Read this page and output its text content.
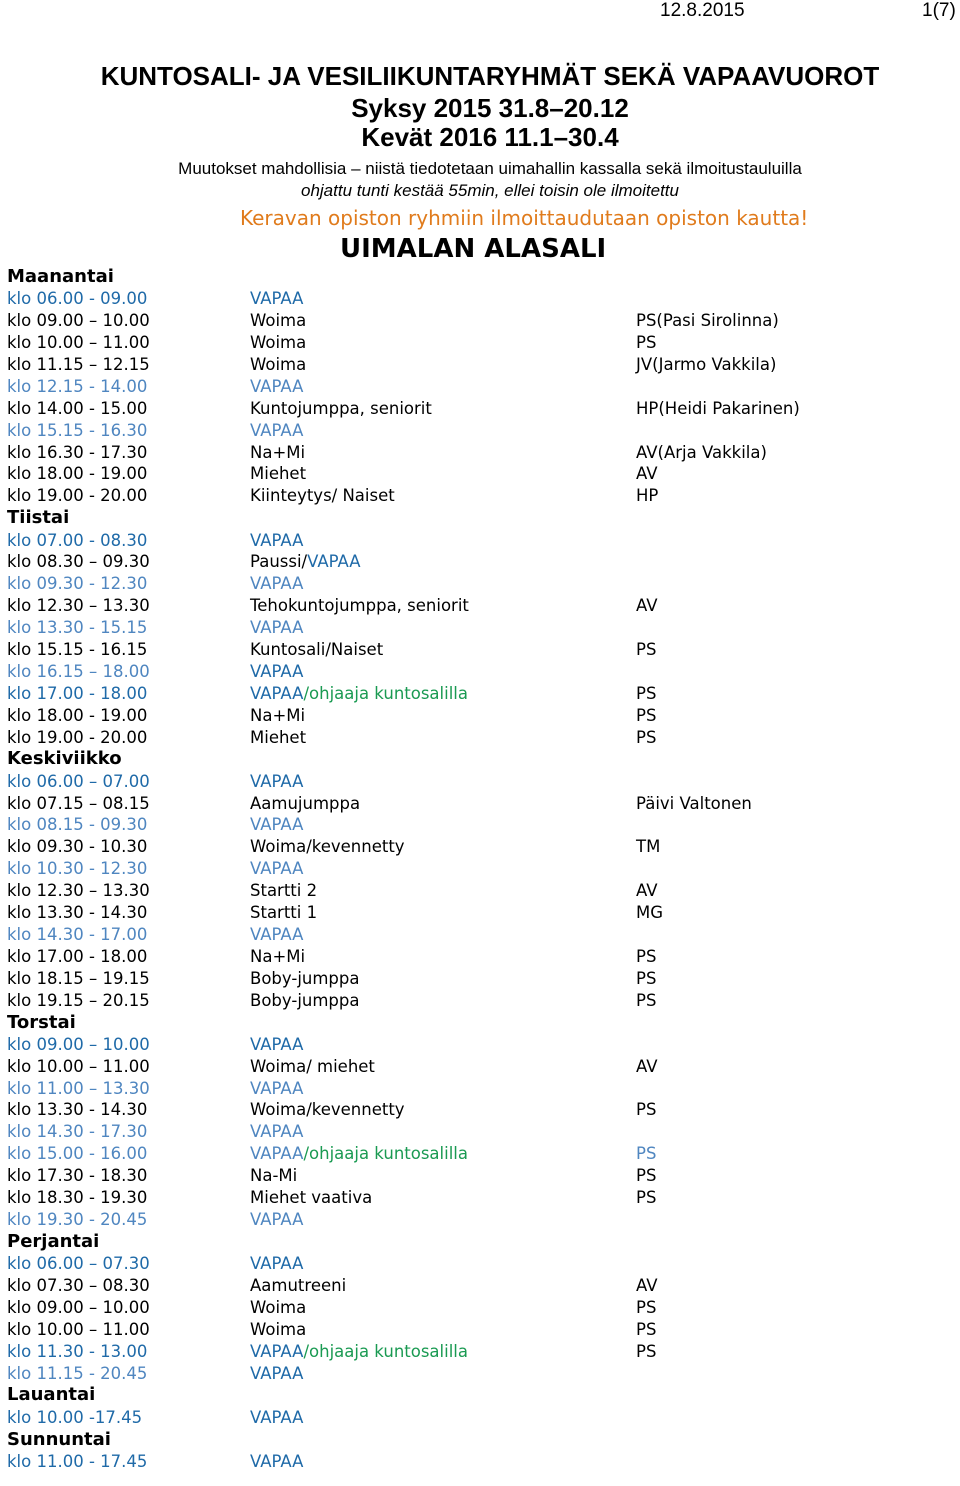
12.8.2015	1(7)
KUNTOSALI- JA VESILIIKUNTARYHMÄT SEKÄ VAPAAVUOROT
Syksy 2015 31.8–20.12
Kevät 2016 11.1–30.4
Muutokset mahdollisia – niistä tiedotetaan uimahallin kassalla sekä ilmoitustauluilla
ohjattu tunti kestää 55min, ellei toisin ole ilmoitettu
Keravan opiston ryhmiin ilmoittaudutaan opiston kautta!
UIMALAN ALASALI
Maanantai
klo 06.00 - 09.00	VAPAA
klo 09.00 – 10.00	Woima	PS(Pasi Sirolinna)
klo 10.00 – 11.00	Woima	PS
klo 11.15 – 12.15	Woima	JV(Jarmo Vakkila)
klo 12.15 - 14.00	VAPAA
klo 14.00 - 15.00	Kuntojumppa, seniorit	HP(Heidi Pakarinen)
klo 15.15 - 16.30	VAPAA
klo 16.30 - 17.30	Na+Mi	AV(Arja Vakkila)
klo 18.00 - 19.00	Miehet	AV
klo 19.00 - 20.00	Kiinteytys/ Naiset	HP
Tiistai
klo 07.00 - 08.30	VAPAA
klo 08.30 – 09.30	Paussi/VAPAA
klo 09.30 - 12.30	VAPAA
klo 12.30 – 13.30	Tehokuntojumppa, seniorit	AV
klo 13.30 - 15.15	VAPAA
klo 15.15 - 16.15	Kuntosali/Naiset	PS
klo 16.15 – 18.00	VAPAA
klo 17.00 - 18.00	VAPAA/ohjaaja kuntosalilla	PS
klo 18.00 - 19.00	Na+Mi	PS
klo 19.00 - 20.00	Miehet	PS
Keskiviikko
klo 06.00 – 07.00	VAPAA
klo 07.15 – 08.15	Aamujumppa	Päivi Valtonen
klo 08.15 - 09.30	VAPAA
klo 09.30 - 10.30	Woima/kevennetty	TM
klo 10.30 - 12.30	VAPAA
klo 12.30 – 13.30	Startti 2	AV
klo 13.30 - 14.30	Startti 1	MG
klo 14.30 - 17.00	VAPAA
klo 17.00 - 18.00	Na+Mi	PS
klo 18.15 – 19.15	Boby-jumppa	PS
klo 19.15 – 20.15	Boby-jumppa	PS
Torstai
klo 09.00 – 10.00	VAPAA
klo 10.00 – 11.00	Woima/ miehet	AV
klo 11.00 – 13.30	VAPAA
klo 13.30 - 14.30	Woima/kevennetty	PS
klo 14.30 - 17.30	VAPAA
klo 15.00 - 16.00	VAPAA/ohjaaja kuntosalilla	PS
klo 17.30 - 18.30	Na-Mi	PS
klo 18.30 - 19.30	Miehet vaativa	PS
klo 19.30 - 20.45	VAPAA
Perjantai
klo 06.00 – 07.30	VAPAA
klo 07.30 – 08.30	Aamutreeni	AV
klo 09.00 – 10.00	Woima	PS
klo 10.00 – 11.00	Woima	PS
klo 11.30 - 13.00	VAPAA/ohjaaja kuntosalilla	PS
klo 11.15 - 20.45	VAPAA
Lauantai
klo 10.00 -17.45	VAPAA
Sunnuntai
klo 11.00 - 17.45	VAPAA
